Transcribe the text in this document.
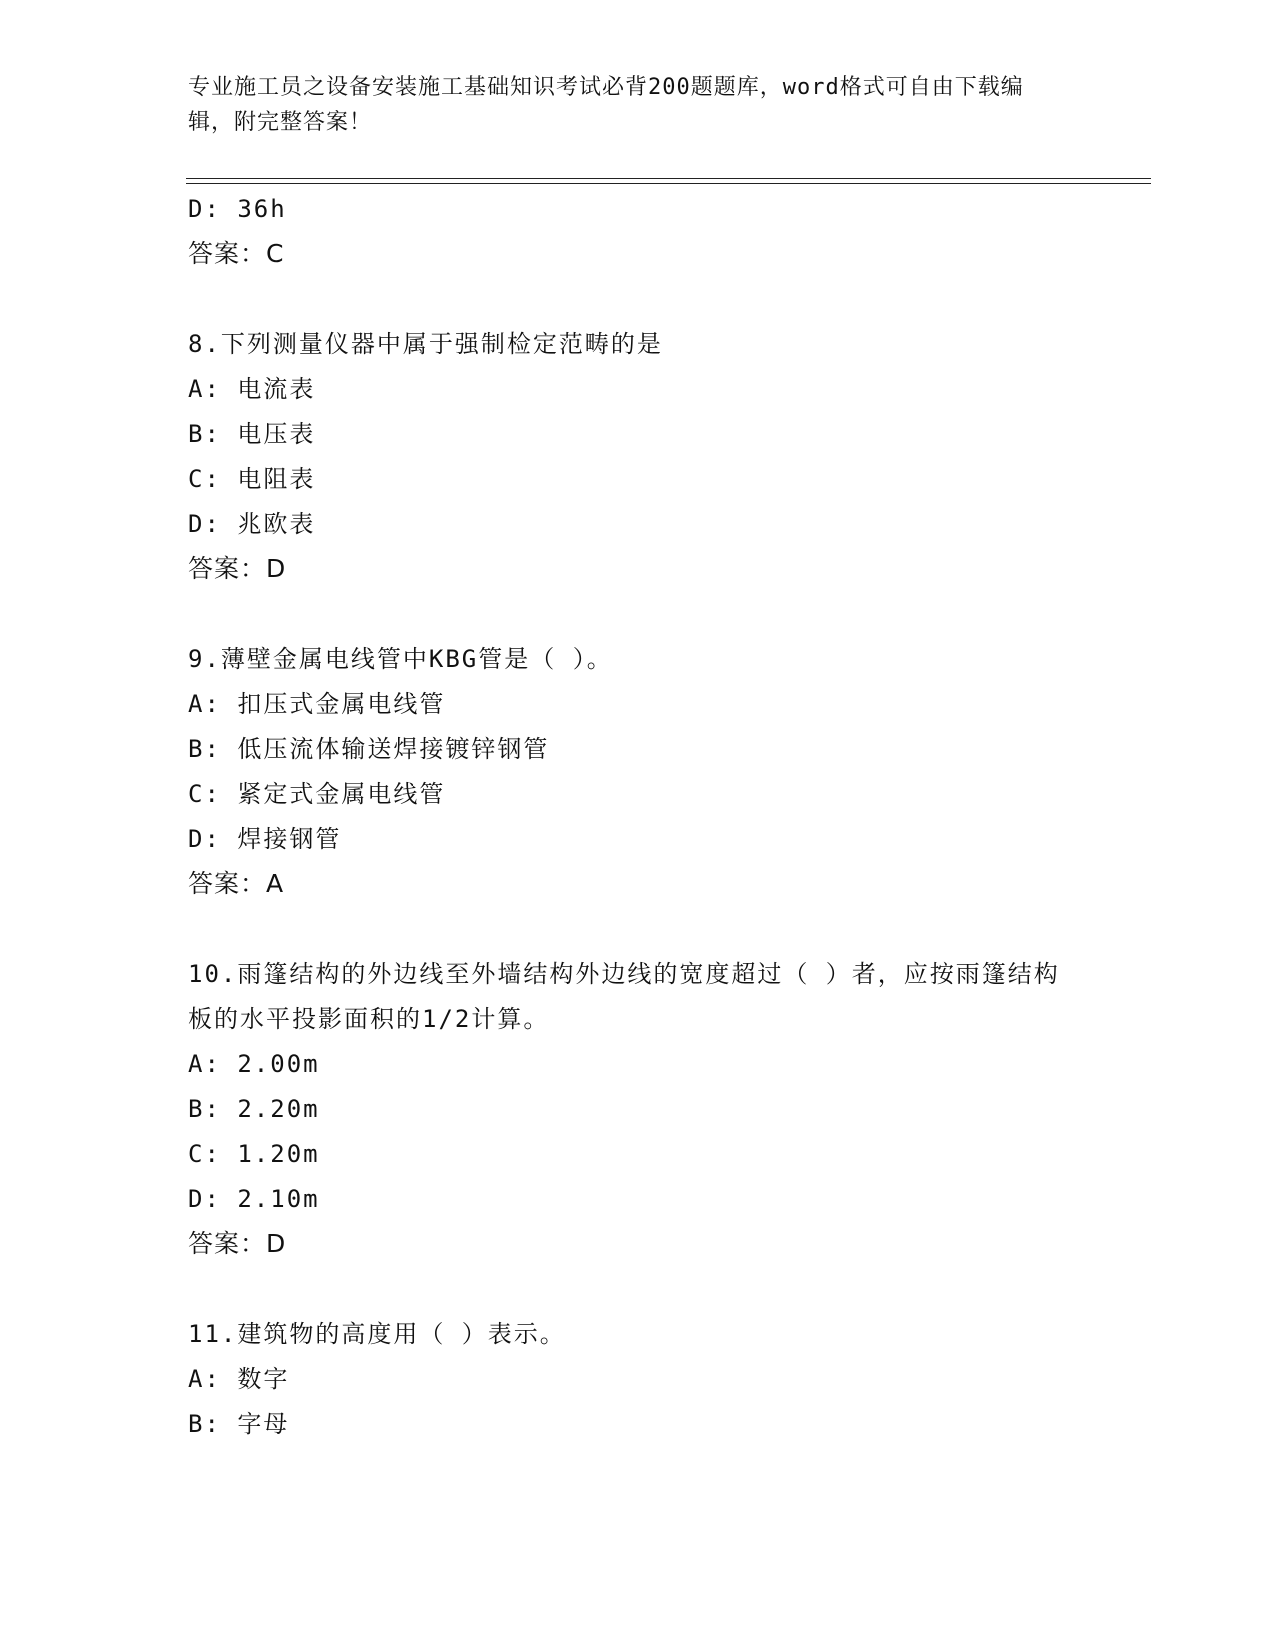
专业施工员之设备安装施工基础知识考试必背200题题库，word格式可自由下载编辑，附完整答案！
D: 36h
答案：C
8.下列测量仪器中属于强制检定范畴的是
A: 电流表
B: 电压表
C: 电阻表
D: 兆欧表
答案：D
9.薄壁金属电线管中KBG管是（ ）。
A: 扣压式金属电线管
B: 低压流体输送焊接镀锌钢管
C: 紧定式金属电线管
D: 焊接钢管
答案：A
10.雨篷结构的外边线至外墙结构外边线的宽度超过（ ）者，应按雨篷结构板的水平投影面积的1/2计算。
A: 2.00m
B: 2.20m
C: 1.20m
D: 2.10m
答案：D
11.建筑物的高度用（ ）表示。
A: 数字
B: 字母
